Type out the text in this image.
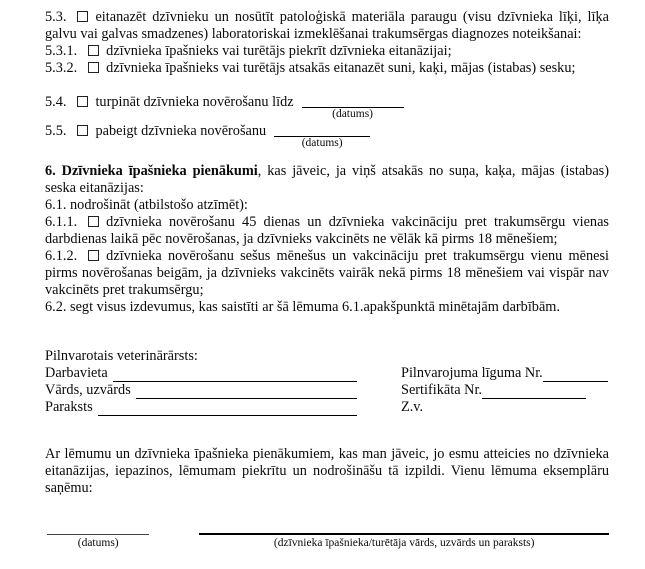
5.3. eitanazēt dzīvnieku un nosūtīt patoloģiskā materiāla paraugu (visu dzīvnieka līķi, līķa galvu vai galvas smadzenes) laboratoriskai izmeklēšanai trakumsērgas diagnozes noteikšanai:

5.3.1. dzīvnieka īpašnieks vai turētājs piekrīt dzīvnieka eitanāzijai;

5.3.2. dzīvnieka īpašnieks vai turētājs atsakās eitanazēt suni, kaķi, mājas (istabas) sesku;

5.4. turpināt dzīvnieka novērošanu līdz
(datums)
5.5. pabeigt dzīvnieka novērošanu
(datums)

6. Dzīvnieka īpašnieka pienākumi, kas jāveic, ja viņš atsakās no suņa, kaķa, mājas (istabas) seska eitanāzijas:

6.1. nodrošināt (atbilstošo atzīmēt):

6.1.1. dzīvnieka novērošanu 45 dienas un dzīvnieka vakcināciju pret trakumsērgu vienas darbdienas laikā pēc novērošanas, ja dzīvnieks vakcinēts ne vēlāk kā pirms 18 mēnešiem;

6.1.2. dzīvnieka novērošanu sešus mēnešus un vakcināciju pret trakumsērgu vienu mēnesi pirms novērošanas beigām, ja dzīvnieks vakcinēts vairāk nekā pirms 18 mēnešiem vai vispār nav vakcinēts pret trakumsērgu;

6.2. segt visus izdevumus, kas saistīti ar šā lēmuma 6.1.apakšpunktā minētajām darbībām.

Pilnvarotais veterinārārsts:

Darbavieta
Vārds, uzvārds
Paraksts
Pilnvarojuma līguma Nr.
Sertifikāta Nr.
Z.v.

Ar lēmumu un dzīvnieka īpašnieka pienākumiem, kas man jāveic, jo esmu atteicies no dzīvnieka eitanāzijas, iepazinos, lēmumam piekrītu un nodrošināšu tā izpildi. Vienu lēmuma eksemplāru saņēmu:

(datums)	(dzīvnieka īpašnieka/turētāja vārds, uzvārds un paraksts)
